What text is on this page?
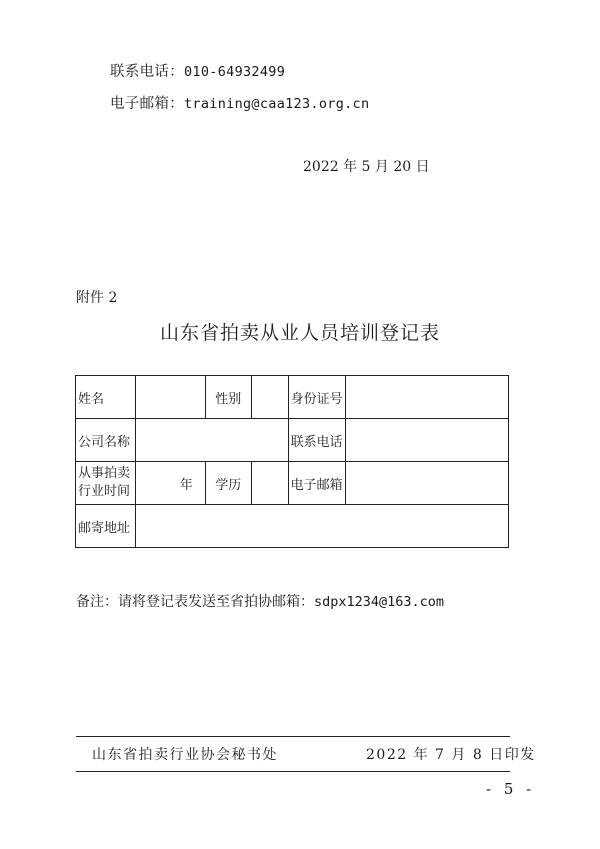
联系电话：010-64932499
电子邮箱：training@caa123.org.cn
2022 年 5 月 20 日
附件 2
山东省拍卖从业人员培训登记表
姓名		性别		身份证号	
公司名称				联系电话	
从事拍卖行业时间	年	学历		电子邮箱	
邮寄地址					
备注：请将登记表发送至省拍协邮箱：sdpx1234@163.com
山东省拍卖行业协会秘书处	2022 年 7 月 8 日印发
- 5 -
